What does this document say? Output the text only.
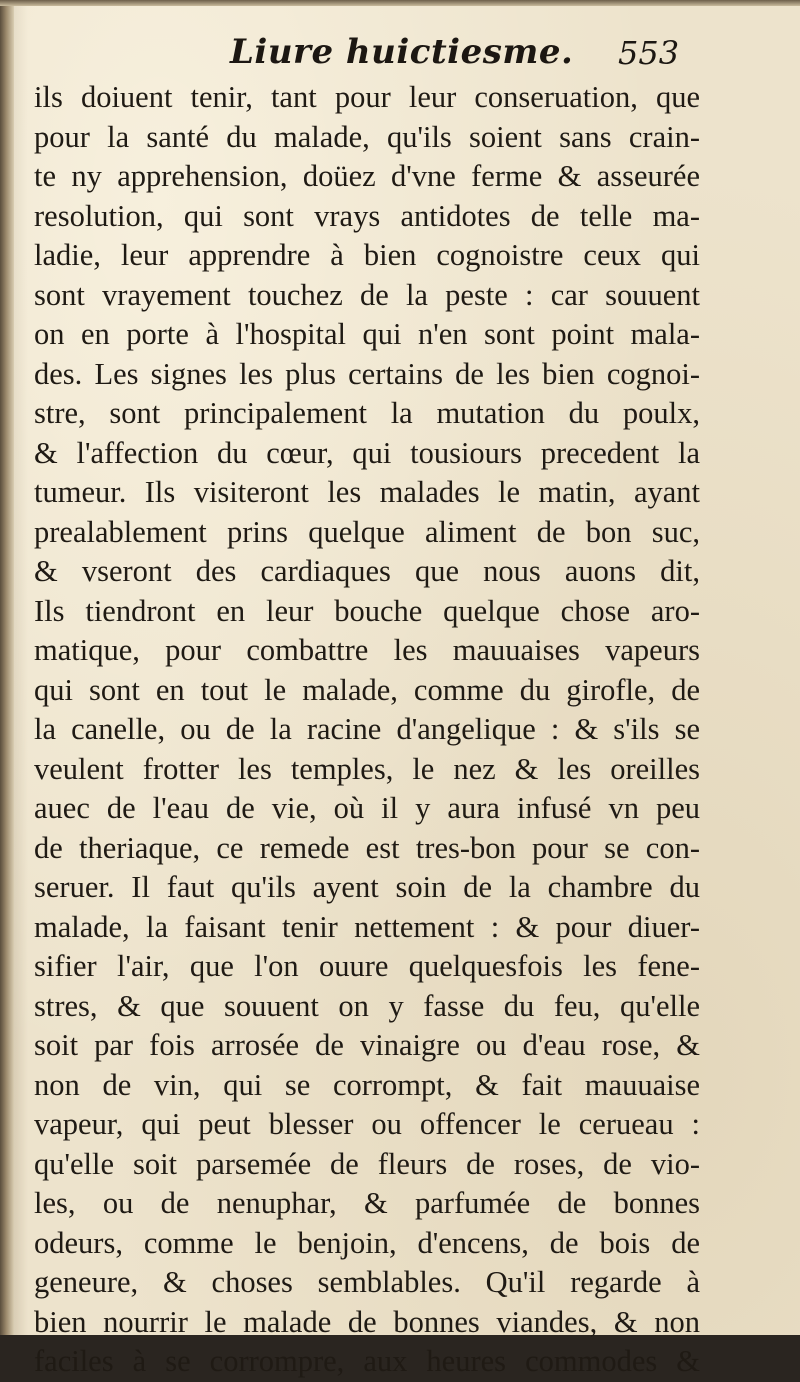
Liure huictiesme. 553
ils doiuent tenir, tant pour leur conseruation, que
pour la santé du malade, qu'ils soient sans crain-
te ny apprehension, doüez d'vne ferme & asseurée
resolution, qui sont vrays antidotes de telle ma-
ladie, leur apprendre à bien cognoistre ceux qui
sont vrayement touchez de la peste : car souuent
on en porte à l'hospital qui n'en sont point mala-
des. Les signes les plus certains de les bien cognoi-
stre, sont principalement la mutation du poulx,
& l'affection du cœur, qui tousiours precedent la
tumeur. Ils visiteront les malades le matin, ayant
prealablement prins quelque aliment de bon suc,
& vseront des cardiaques que nous auons dit,
Ils tiendront en leur bouche quelque chose aro-
matique, pour combattre les mauuaises vapeurs
qui sont en tout le malade, comme du girofle, de
la canelle, ou de la racine d'angelique : & s'ils se
veulent frotter les temples, le nez & les oreilles
auec de l'eau de vie, où il y aura infusé vn peu
de theriaque, ce remede est tres-bon pour se con-
seruer. Il faut qu'ils ayent soin de la chambre du
malade, la faisant tenir nettement : & pour diuer-
sifier l'air, que l'on ouure quelquesfois les fene-
stres, & que souuent on y fasse du feu, qu'elle
soit par fois arrosée de vinaigre ou d'eau rose, &
non de vin, qui se corrompt, & fait mauuaise
vapeur, qui peut blesser ou offencer le cerueau :
qu'elle soit parsemée de fleurs de roses, de vio-
les, ou de nenuphar, & parfumée de bonnes
odeurs, comme le benjoin, d'encens, de bois de
geneure, & choses semblables. Qu'il regarde à
bien nourrir le malade de bonnes viandes, & non
faciles à se corrompre, aux heures commodes &
